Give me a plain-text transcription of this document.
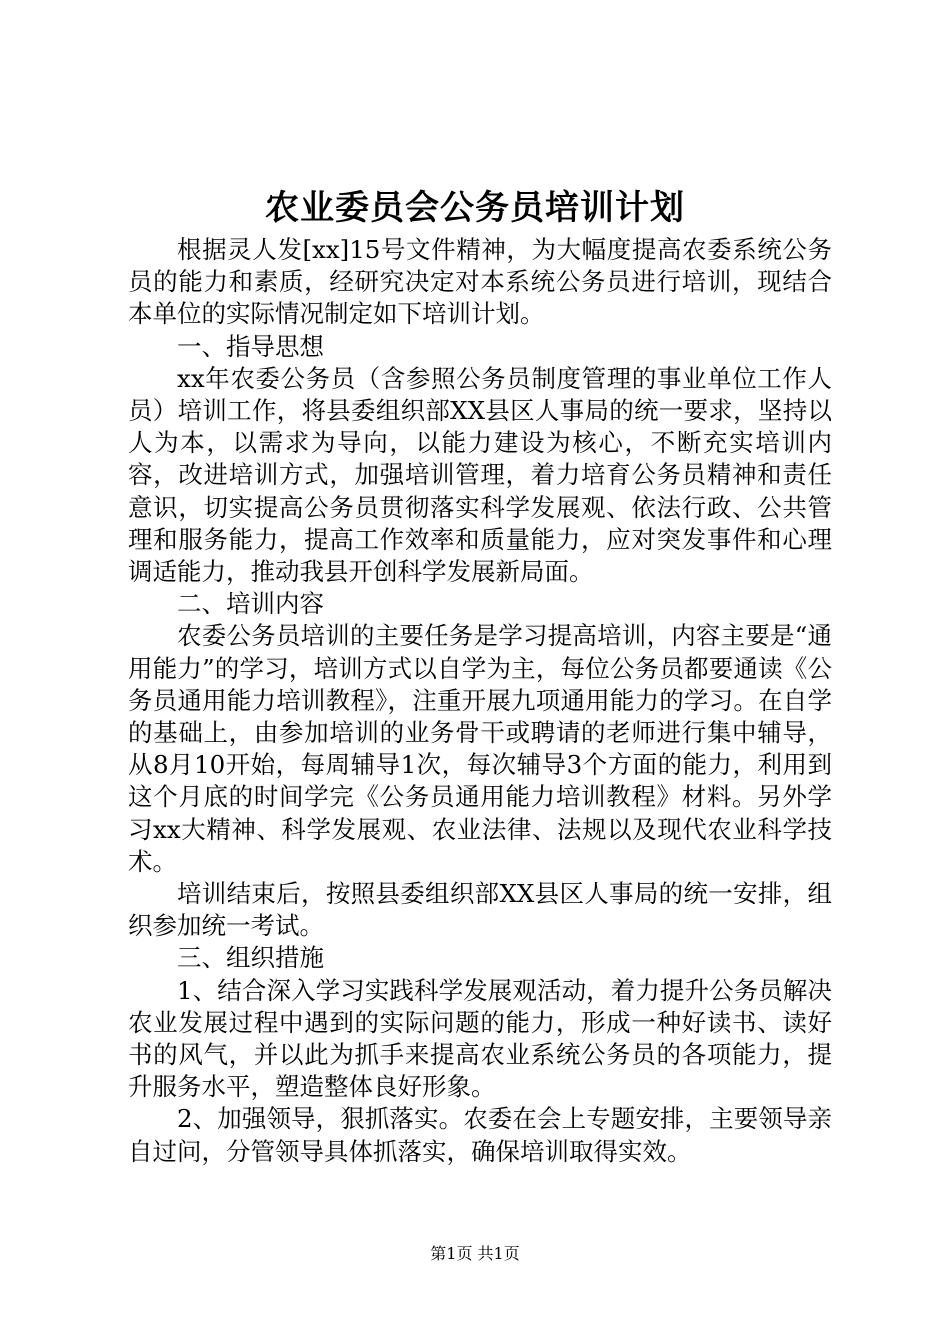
农业委员会公务员培训计划

根据灵人发[xx]15号文件精神，为大幅度提高农委系统公务员的能力和素质，经研究决定对本系统公务员进行培训，现结合本单位的实际情况制定如下培训计划。

一、指导思想

xx年农委公务员（含参照公务员制度管理的事业单位工作人员）培训工作，将县委组织部XX县区人事局的统一要求，坚持以人为本，以需求为导向，以能力建设为核心，不断充实培训内容，改进培训方式，加强培训管理，着力培育公务员精神和责任意识，切实提高公务员贯彻落实科学发展观、依法行政、公共管理和服务能力，提高工作效率和质量能力，应对突发事件和心理调适能力，推动我县开创科学发展新局面。

二、培训内容

农委公务员培训的主要任务是学习提高培训，内容主要是“通用能力”的学习，培训方式以自学为主，每位公务员都要通读《公务员通用能力培训教程》，注重开展九项通用能力的学习。在自学的基础上，由参加培训的业务骨干或聘请的老师进行集中辅导，从8月10开始，每周辅导1次，每次辅导3个方面的能力，利用到这个月底的时间学完《公务员通用能力培训教程》材料。另外学习xx大精神、科学发展观、农业法律、法规以及现代农业科学技术。

培训结束后，按照县委组织部XX县区人事局的统一安排，组织参加统一考试。

三、组织措施

1、结合深入学习实践科学发展观活动，着力提升公务员解决农业发展过程中遇到的实际问题的能力，形成一种好读书、读好书的风气，并以此为抓手来提高农业系统公务员的各项能力，提升服务水平，塑造整体良好形象。

2、加强领导，狠抓落实。农委在会上专题安排，主要领导亲自过问，分管领导具体抓落实，确保培训取得实效。

第1页 共1页
